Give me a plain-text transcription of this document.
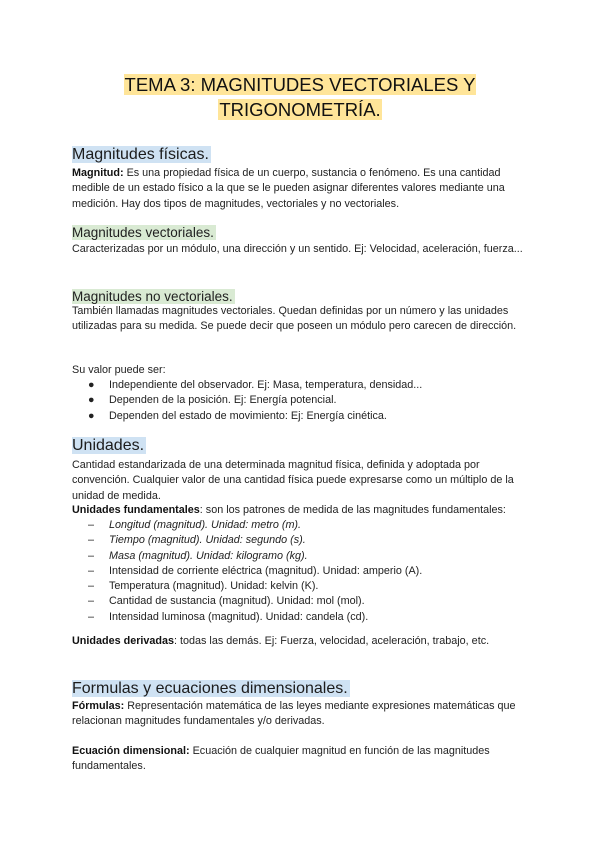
TEMA 3: MAGNITUDES VECTORIALES Y
TRIGONOMETRÍA.
Magnitudes físicas.
Magnitud: Es una propiedad física de un cuerpo, sustancia o fenómeno. Es una cantidad medible de un estado físico a la que se le pueden asignar diferentes valores mediante una medición. Hay dos tipos de magnitudes, vectoriales y no vectoriales.
Magnitudes vectoriales.
Caracterizadas por un módulo, una dirección y un sentido. Ej: Velocidad, aceleración, fuerza...
Magnitudes no vectoriales.
También llamadas magnitudes vectoriales. Quedan definidas por un número y las unidades utilizadas para su medida. Se puede decir que poseen un módulo pero carecen de dirección.
Su valor puede ser:
● Independiente del observador. Ej: Masa, temperatura, densidad...
● Dependen de la posición. Ej: Energía potencial.
● Dependen del estado de movimiento: Ej: Energía cinética.
Unidades.
Cantidad estandarizada de una determinada magnitud física, definida y adoptada por convención. Cualquier valor de una cantidad física puede expresarse como un múltiplo de la unidad de medida.
Unidades fundamentales: son los patrones de medida de las magnitudes fundamentales:
– Longitud (magnitud). Unidad: metro (m).
– Tiempo (magnitud). Unidad: segundo (s).
– Masa (magnitud). Unidad: kilogramo (kg).
– Intensidad de corriente eléctrica (magnitud). Unidad: amperio (A).
– Temperatura (magnitud). Unidad: kelvin (K).
– Cantidad de sustancia (magnitud). Unidad: mol (mol).
– Intensidad luminosa (magnitud). Unidad: candela (cd).
Unidades derivadas: todas las demás. Ej: Fuerza, velocidad, aceleración, trabajo, etc.
Formulas y ecuaciones dimensionales.
Fórmulas: Representación matemática de las leyes mediante expresiones matemáticas que relacionan magnitudes fundamentales y/o derivadas.
Ecuación dimensional: Ecuación de cualquier magnitud en función de las magnitudes fundamentales.
